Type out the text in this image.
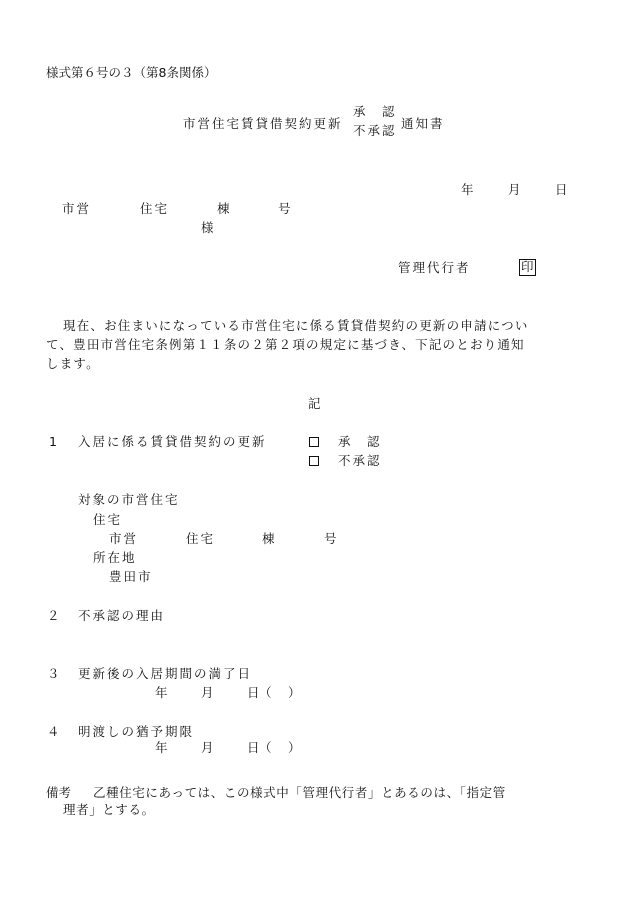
様式第６号の３（第8条関係）
市営住宅賃貸借契約更新
承　認
不承認 通知書
年	月	日
市営	住宅	棟	号
様
管理代行者	印
現在、お住まいになっている市営住宅に係る賃貸借契約の更新の申請につい
て、豊田市営住宅条例第１１条の２第２項の規定に基づき、下記のとおり通知
します。
記
1 入居に係る賃貸借契約の更新	承　認
不承認
対象の市営住宅
住宅
市営	住宅	棟	号
所在地
豊田市
２ 不承認の理由
３ 更新後の入居期間の満了日
年	月	日 （ ）
４ 明渡しの猶予期限
年	月	日 （ ）
備考 乙種住宅にあっては、この様式中「管理代行者」とあるのは、「指定管
理者」とする。
